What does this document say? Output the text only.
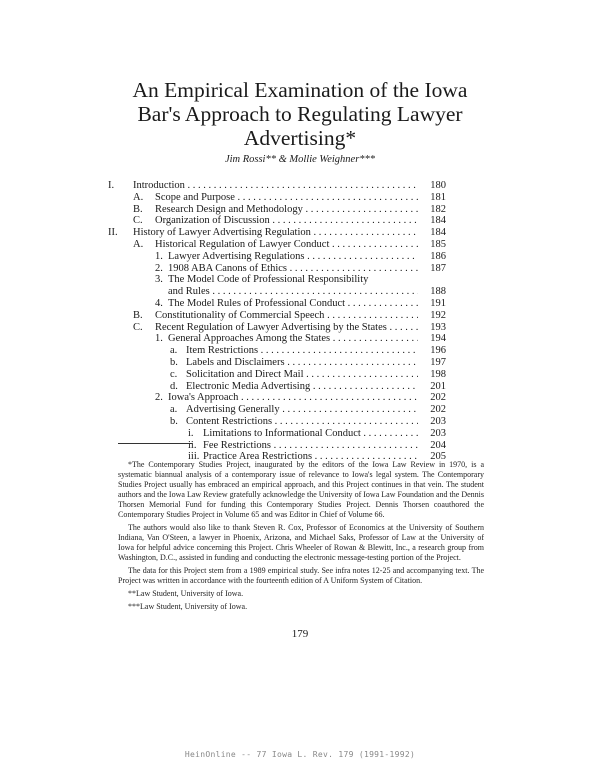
An Empirical Examination of the Iowa
Bar's Approach to Regulating Lawyer
Advertising*
Jim Rossi** & Mollie Weighner***
I. Introduction . . .	180
A. Scope and Purpose . . .	181
B. Research Design and Methodology . . .	182
C. Organization of Discussion . . .	184
II. History of Lawyer Advertising Regulation . . .	184
A. Historical Regulation of Lawyer Conduct . . .	185
1. Lawyer Advertising Regulations . . .	186
2. 1908 ABA Canons of Ethics . . .	187
3. The Model Code of Professional Responsibility
and Rules . . .	188
4. The Model Rules of Professional Conduct . . .	191
B. Constitutionality of Commercial Speech . . .	192
C. Recent Regulation of Lawyer Advertising by the States . . .	193
1. General Approaches Among the States . . .	194
a. Item Restrictions . . .	196
b. Labels and Disclaimers . . .	197
c. Solicitation and Direct Mail . . .	198
d. Electronic Media Advertising . . .	201
2. Iowa's Approach . . .	202
a. Advertising Generally . . .	202
b. Content Restrictions . . .	203
i. Limitations to Informational Conduct . . .	203
ii. Fee Restrictions . . .	204
iii. Practice Area Restrictions . . .	205

*The Contemporary Studies Project, inaugurated by the editors of the Iowa Law Review in 1970, is a systematic biannual analysis of a contemporary issue of relevance to Iowa's legal system. The Contemporary Studies Project usually has embraced an empirical approach, and this Project continues in that vein. The student authors and the Iowa Law Review gratefully acknowledge the University of Iowa Law Foundation and the Dennis Thorsen Memorial Fund for funding this Contemporary Studies Project. Dennis Thorsen coauthored the Contemporary Studies Project in Volume 65 and was Editor in Chief of Volume 66.

The authors would also like to thank Steven R. Cox, Professor of Economics at the University of Southern Indiana, Van O'Steen, a lawyer in Phoenix, Arizona, and Michael Saks, Professor of Law at the University of Iowa for helpful advice concerning this Project. Chris Wheeler of Rowan & Blewitt, Inc., a research group from Washington, D.C., assisted in funding and conducting the electronic message-testing portion of the Project.

The data for this Project stem from a 1989 empirical study. See infra notes 12-25 and accompanying text. The Project was written in accordance with the fourteenth edition of A Uniform System of Citation.

**Law Student, University of Iowa.

***Law Student, University of Iowa.

179
HeinOnline -- 77 Iowa L. Rev. 179 (1991-1992)
